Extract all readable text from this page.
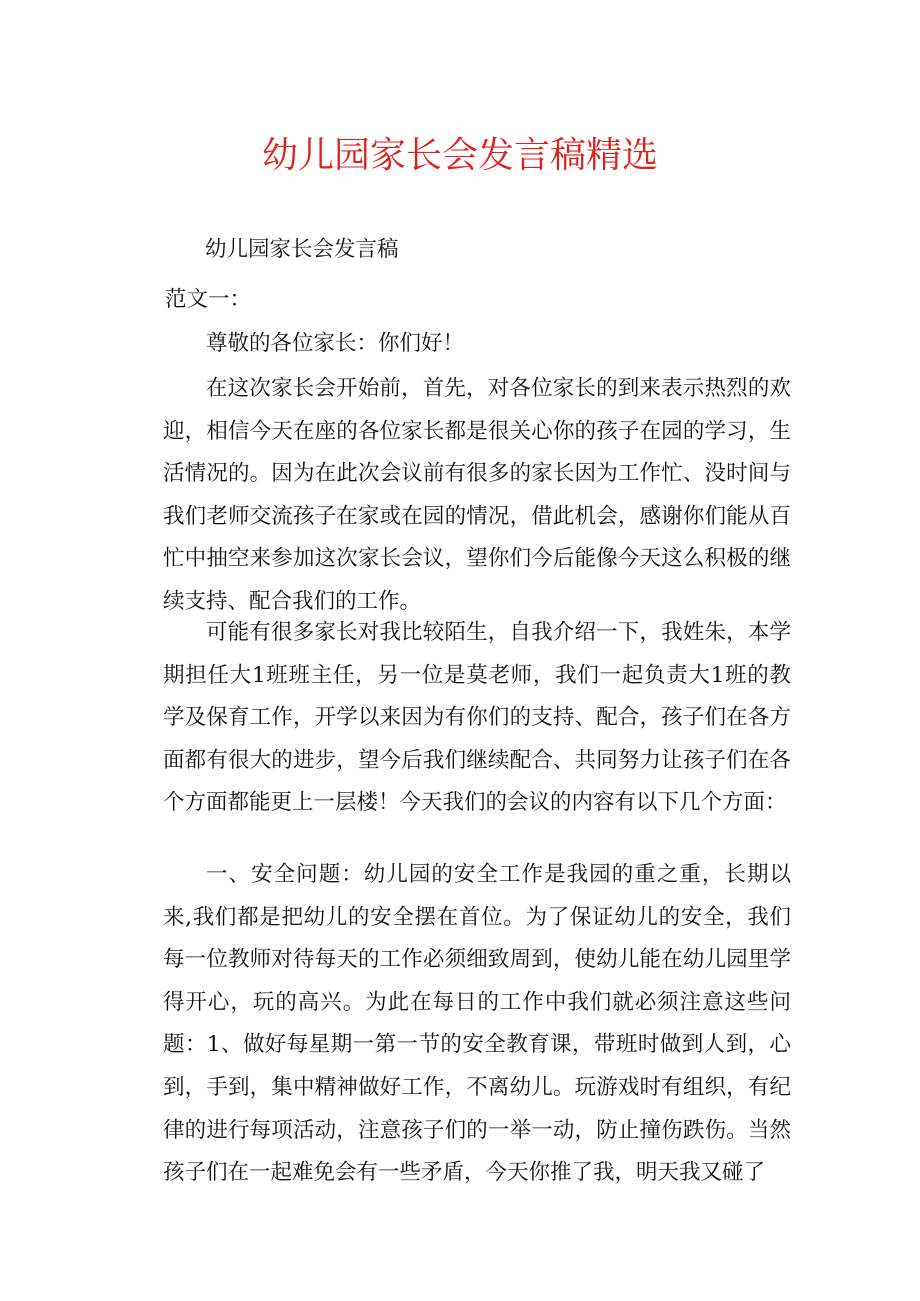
幼儿园家长会发言稿精选
幼儿园家长会发言稿
范文一：
尊敬的各位家长：你们好！

在这次家长会开始前，首先，对各位家长的到来表示热烈的欢迎，相信今天在座的各位家长都是很关心你的孩子在园的学习，生活情况的。因为在此次会议前有很多的家长因为工作忙、没时间与我们老师交流孩子在家或在园的情况，借此机会，感谢你们能从百忙中抽空来参加这次家长会议，望你们今后能像今天这么积极的继续支持、配合我们的工作。

可能有很多家长对我比较陌生，自我介绍一下，我姓朱，本学期担任大1班班主任，另一位是莫老师，我们一起负责大1班的教学及保育工作，开学以来因为有你们的支持、配合，孩子们在各方面都有很大的进步，望今后我们继续配合、共同努力让孩子们在各个方面都能更上一层楼！今天我们的会议的内容有以下几个方面：

一、安全问题：幼儿园的安全工作是我园的重之重，长期以来,我们都是把幼儿的安全摆在首位。为了保证幼儿的安全，我们每一位教师对待每天的工作必须细致周到，使幼儿能在幼儿园里学得开心，玩的高兴。为此在每日的工作中我们就必须注意这些问题：1、做好每星期一第一节的安全教育课，带班时做到人到，心到，手到，集中精神做好工作，不离幼儿。玩游戏时有组织，有纪律的进行每项活动，注意孩子们的一举一动，防止撞伤跌伤。当然孩子们在一起难免会有一些矛盾，今天你推了我，明天我又碰了
